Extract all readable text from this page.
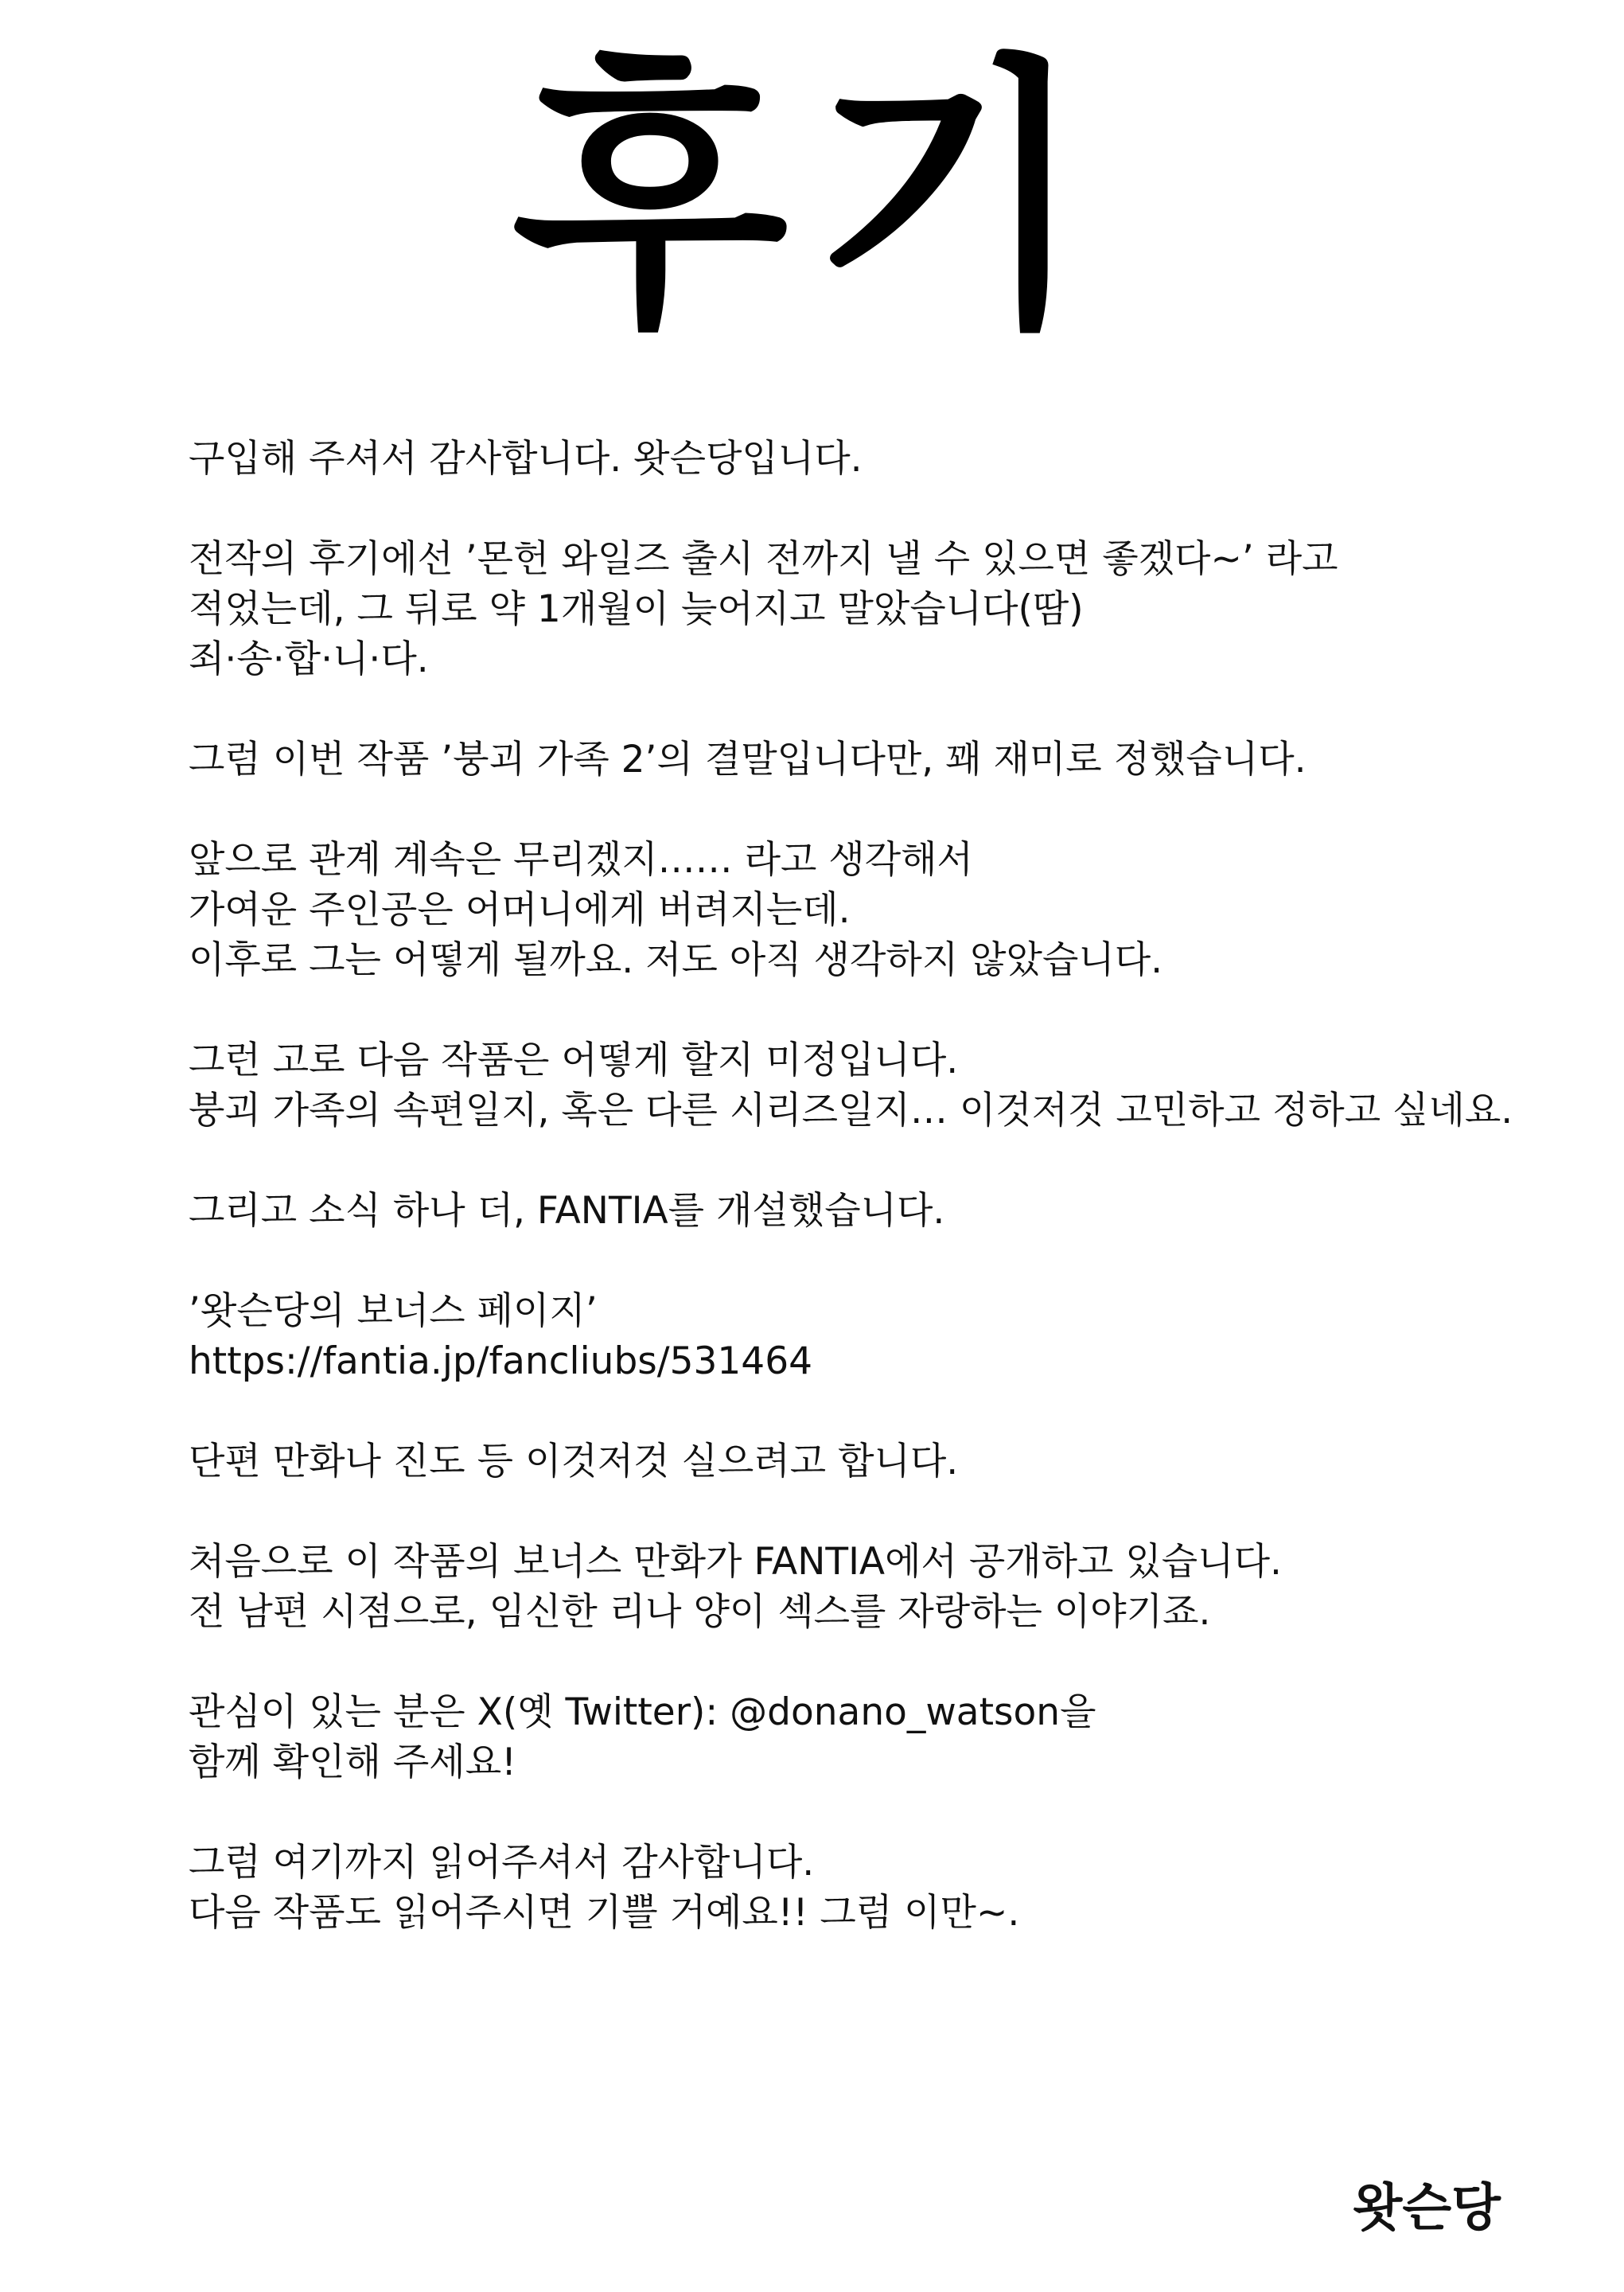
후기
구입해 주셔서 감사합니다. 왓슨당입니다.
전작의 후기에선 ’몬헌 와일즈 출시 전까지 낼 수 있으면 좋겠다~’ 라고
적었는데, 그 뒤로 약 1개월이 늦어지고 말았습니다(땀)
죄·송·합·니·다.
그럼 이번 작품 ’붕괴 가족 2’의 결말입니다만, 꽤 재미로 정했습니다.
앞으로 관계 계속은 무리겠지…… 라고 생각해서
가여운 주인공은 어머니에게 버려지는데.
이후로 그는 어떻게 될까요. 저도 아직 생각하지 않았습니다.
그런 고로 다음 작품은 어떻게 할지 미정입니다.
붕괴 가족의 속편일지, 혹은 다른 시리즈일지… 이것저것 고민하고 정하고 싶네요.
그리고 소식 하나 더, FANTIA를 개설했습니다.
’왓슨당의 보너스 페이지’
https://fantia.jp/fancliubs/531464
단편 만화나 진도 등 이것저것 실으려고 합니다.
처음으로 이 작품의 보너스 만화가 FANTIA에서 공개하고 있습니다.
전 남편 시점으로, 임신한 리나 양이 섹스를 자랑하는 이야기죠.
관심이 있는 분은 X(옛 Twitter): @donano_watson을
함께 확인해 주세요!
그럼 여기까지 읽어주셔서 감사합니다.
다음 작품도 읽어주시면 기쁠 거예요!! 그럼 이만~.
왓슨당
